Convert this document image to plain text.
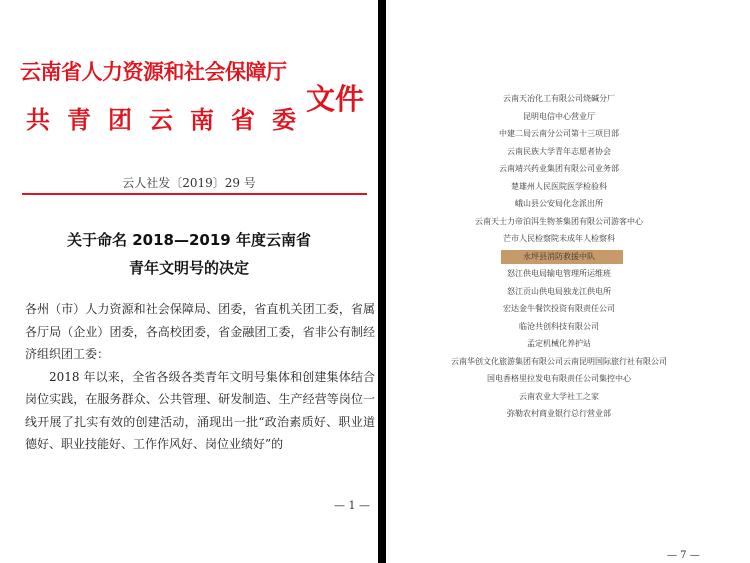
云南省人力资源和社会保障厅
共青团云南省委
文件
云人社发〔2019〕29 号
关于命名 2018—2019 年度云南省
青年文明号的决定

各州（市）人力资源和社会保障局、团委，省直机关团工委，省属各厅局（企业）团委，各高校团委，省金融团工委，省非公有制经济组织团工委：

2018 年以来，全省各级各类青年文明号集体和创建集体结合岗位实践，在服务群众、公共管理、研发制造、生产经营等岗位一线开展了扎实有效的创建活动，涌现出一批“政治素质好、职业道德好、职业技能好、工作作风好、岗位业绩好”的

— 1 —
云南天冶化工有限公司烧碱分厂
昆明电信中心营业厅
中建二局云南分公司第十三项目部
云南民族大学青年志愿者协会
云南靖兴药业集团有限公司业务部
楚雄州人民医院医学检验科
峨山县公安局化念派出所
云南天士力帝泊洱生物茶集团有限公司游客中心
芒市人民检察院未成年人检察科
永坪县消防救援中队
怒江供电局输电管理所运维班
怒江贡山供电局独龙江供电所
宏达金牛餐饮投资有限责任公司
临沧共创科技有限公司
孟定机械化养护站
云南华创文化旅游集团有限公司云南昆明国际旅行社有限公司
国电香格里拉发电有限责任公司集控中心
云南农业大学社工之家
弥勒农村商业银行总行营业部
— 7 —
